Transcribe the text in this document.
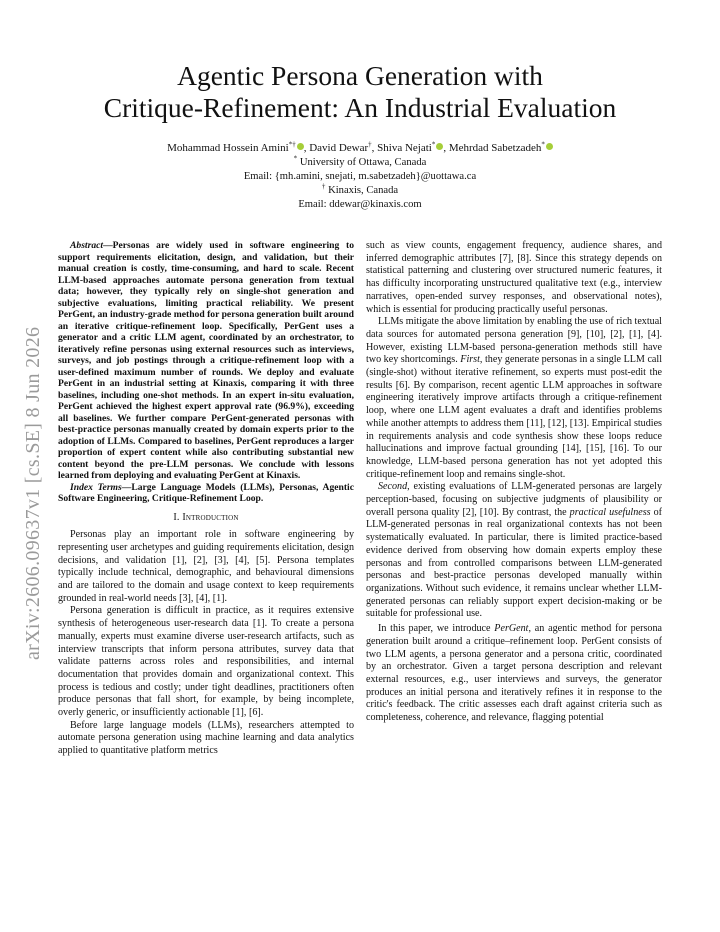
arXiv:2606.09637v1 [cs.SE] 8 Jun 2026
Agentic Persona Generation with
Critique-Refinement: An Industrial Evaluation
Mohammad Hossein Amini*† , David Dewar†, Shiva Nejati* , Mehrdad Sabetzadeh*
* University of Ottawa, Canada
Email: {mh.amini, snejati, m.sabetzadeh}@uottawa.ca
† Kinaxis, Canada
Email: ddewar@kinaxis.com

Abstract—Personas are widely used in software engineering to support requirements elicitation, design, and validation, but their manual creation is costly, time-consuming, and hard to scale. Recent LLM-based approaches automate persona generation from textual data; however, they typically rely on single-shot generation and subjective evaluations, limiting practical reliability. We present PerGent, an industry-grade method for persona generation built around an iterative critique-refinement loop. Specifically, PerGent uses a generator and a critic LLM agent, coordinated by an orchestrator, to iteratively refine personas using external resources such as interviews, surveys, and job postings through a critique-refinement loop with a user-defined maximum number of rounds. We deploy and evaluate PerGent in an industrial setting at Kinaxis, comparing it with three baselines, including one-shot methods. In an expert in-situ evaluation, PerGent achieved the highest expert approval rate (96.9%), exceeding all baselines. We further compare PerGent-generated personas with best-practice personas manually created by domain experts prior to the adoption of LLMs. Compared to baselines, PerGent reproduces a larger proportion of expert content while also contributing substantial new content beyond the pre-LLM personas. We conclude with lessons learned from deploying and evaluating PerGent at Kinaxis.

Index Terms—Large Language Models (LLMs), Personas, Agentic Software Engineering, Critique-Refinement Loop.

I. Introduction

Personas play an important role in software engineering by representing user archetypes and guiding requirements elicitation, design decisions, and validation [1], [2], [3], [4], [5]. Persona templates typically include technical, demographic, and behavioural dimensions and are tailored to the domain and usage context to keep requirements grounded in real-world needs [3], [4], [1].

Persona generation is difficult in practice, as it requires extensive synthesis of heterogeneous user-research data [1]. To create a persona manually, experts must examine diverse user-research artifacts, such as interview transcripts that inform persona attributes, survey data that validate patterns across roles and responsibilities, and internal documentation that provides domain and organizational context. This process is tedious and costly; under tight deadlines, practitioners often produce personas that fall short, for example, by being incomplete, overly generic, or insufficiently actionable [1], [6].

Before large language models (LLMs), researchers attempted to automate persona generation using machine learning and data analytics applied to quantitative platform metrics

such as view counts, engagement frequency, audience shares, and inferred demographic attributes [7], [8]. Since this strategy depends on statistical patterning and clustering over structured numeric features, it has difficulty incorporating unstructured qualitative text (e.g., interview narratives, open-ended survey responses, and observational notes), which is essential for producing practically useful personas.

LLMs mitigate the above limitation by enabling the use of rich textual data sources for automated persona generation [9], [10], [2], [1], [4]. However, existing LLM-based persona-generation methods still have two key shortcomings. First, they generate personas in a single LLM call (single-shot) without iterative refinement, so experts must post-edit the results [6]. By comparison, recent agentic LLM approaches in software engineering iteratively improve artifacts through a critique-refinement loop, where one LLM agent evaluates a draft and identifies problems while another attempts to address them [11], [12], [13]. Empirical studies in requirements analysis and code synthesis show these loops reduce hallucinations and improve factual grounding [14], [15], [16]. To our knowledge, LLM-based persona generation has not yet adopted this critique-refinement loop and remains single-shot.

Second, existing evaluations of LLM-generated personas are largely perception-based, focusing on subjective judgments of plausibility or overall persona quality [2], [10]. By contrast, the practical usefulness of LLM-generated personas in real organizational contexts has not been systematically evaluated. In particular, there is limited practice-based evidence derived from observing how domain experts employ these personas and from controlled comparisons between LLM-generated personas and best-practice personas developed manually within organizations. Without such evidence, it remains unclear whether LLM-generated personas can reliably support expert decision-making or be suitable for professional use.

In this paper, we introduce PerGent, an agentic method for persona generation built around a critique–refinement loop. PerGent consists of two LLM agents, a persona generator and a persona critic, coordinated by an orchestrator. Given a target persona description and relevant external resources, e.g., user interviews and surveys, the generator produces an initial persona and iteratively refines it in response to the critic's feedback. The critic assesses each draft against criteria such as completeness, coherence, and relevance, flagging potential
